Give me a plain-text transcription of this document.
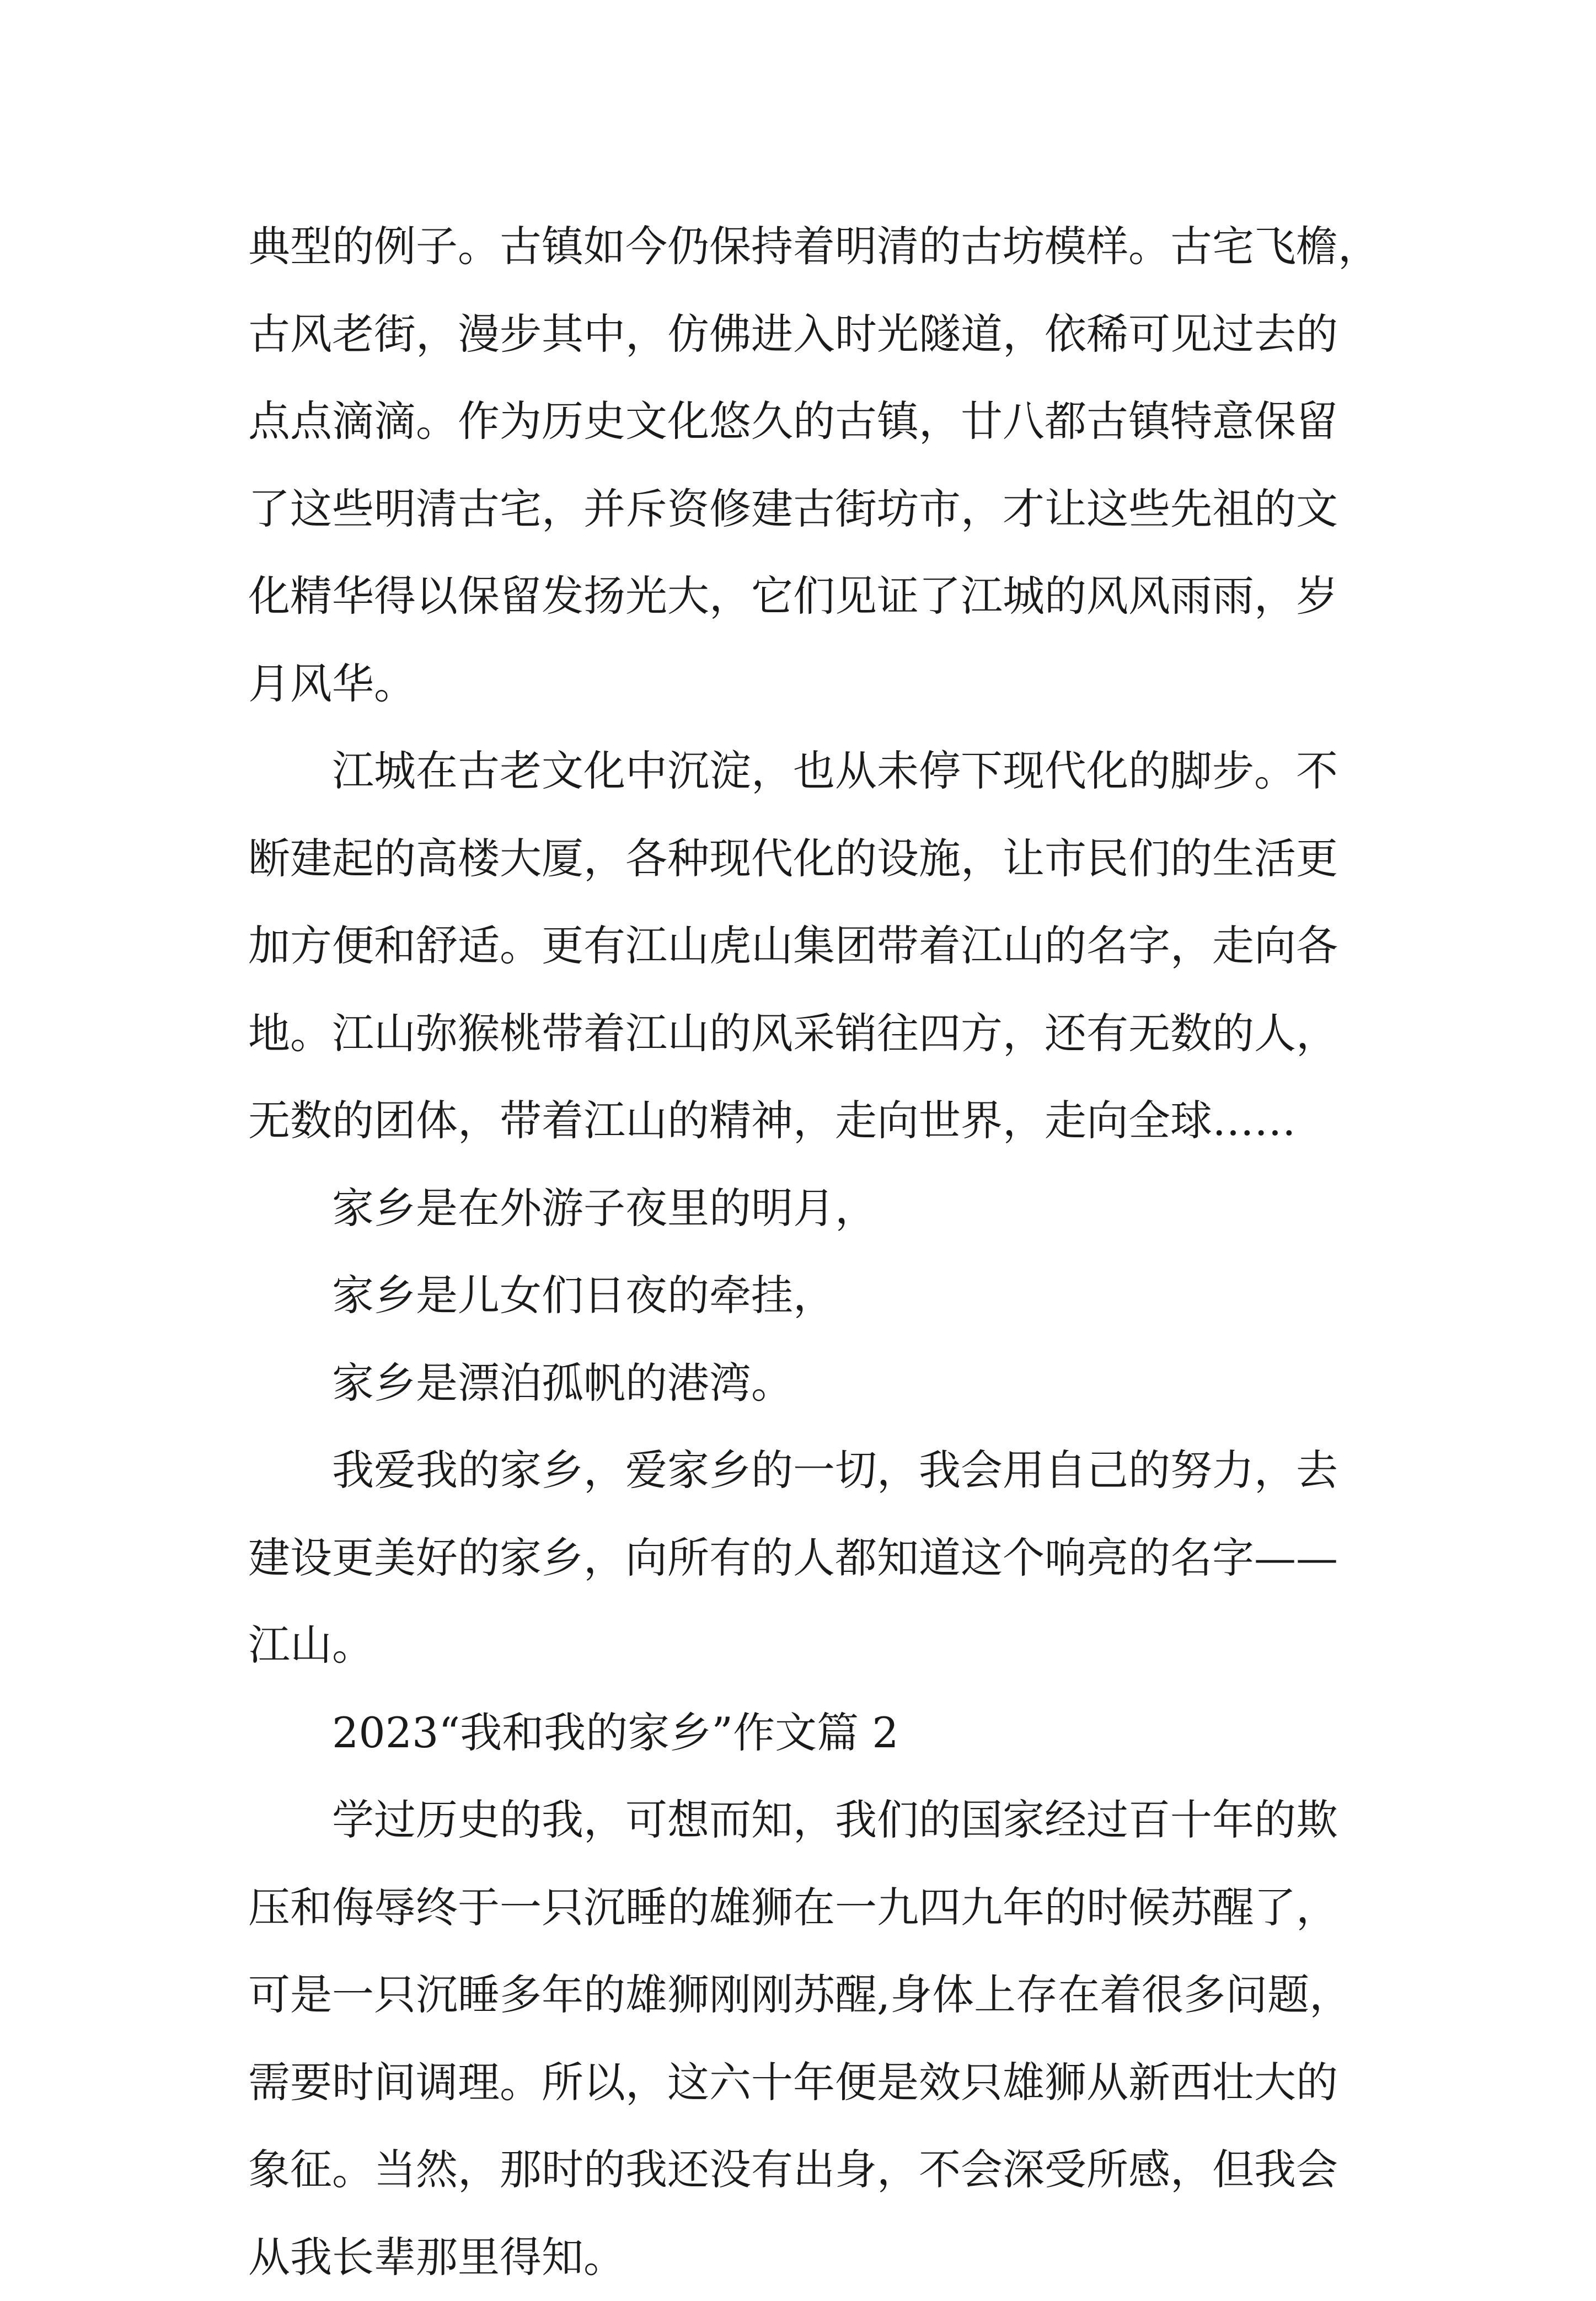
典型的例子。古镇如今仍保持着明清的古坊模样。古宅飞檐，
古风老街，漫步其中，仿佛进入时光隧道，依稀可见过去的
点点滴滴。作为历史文化悠久的古镇，廿八都古镇特意保留
了这些明清古宅，并斥资修建古街坊市，才让这些先祖的文
化精华得以保留发扬光大，它们见证了江城的风风雨雨，岁
月风华。
江城在古老文化中沉淀，也从未停下现代化的脚步。不
断建起的高楼大厦，各种现代化的设施，让市民们的生活更
加方便和舒适。更有江山虎山集团带着江山的名字，走向各
地。江山弥猴桃带着江山的风采销往四方，还有无数的人，
无数的团体，带着江山的精神，走向世界，走向全球……
家乡是在外游子夜里的明月，
家乡是儿女们日夜的牵挂，
家乡是漂泊孤帆的港湾。
我爱我的家乡，爱家乡的一切，我会用自己的努力，去
建设更美好的家乡，向所有的人都知道这个响亮的名字——
江山。
2023“我和我的家乡”作文篇 2
学过历史的我，可想而知，我们的国家经过百十年的欺
压和侮辱终于一只沉睡的雄狮在一九四九年的时候苏醒了，
可是一只沉睡多年的雄狮刚刚苏醒,身体上存在着很多问题，
需要时间调理。所以，这六十年便是效只雄狮从新西壮大的
象征。当然，那时的我还没有出身，不会深受所感，但我会
从我长辈那里得知。
